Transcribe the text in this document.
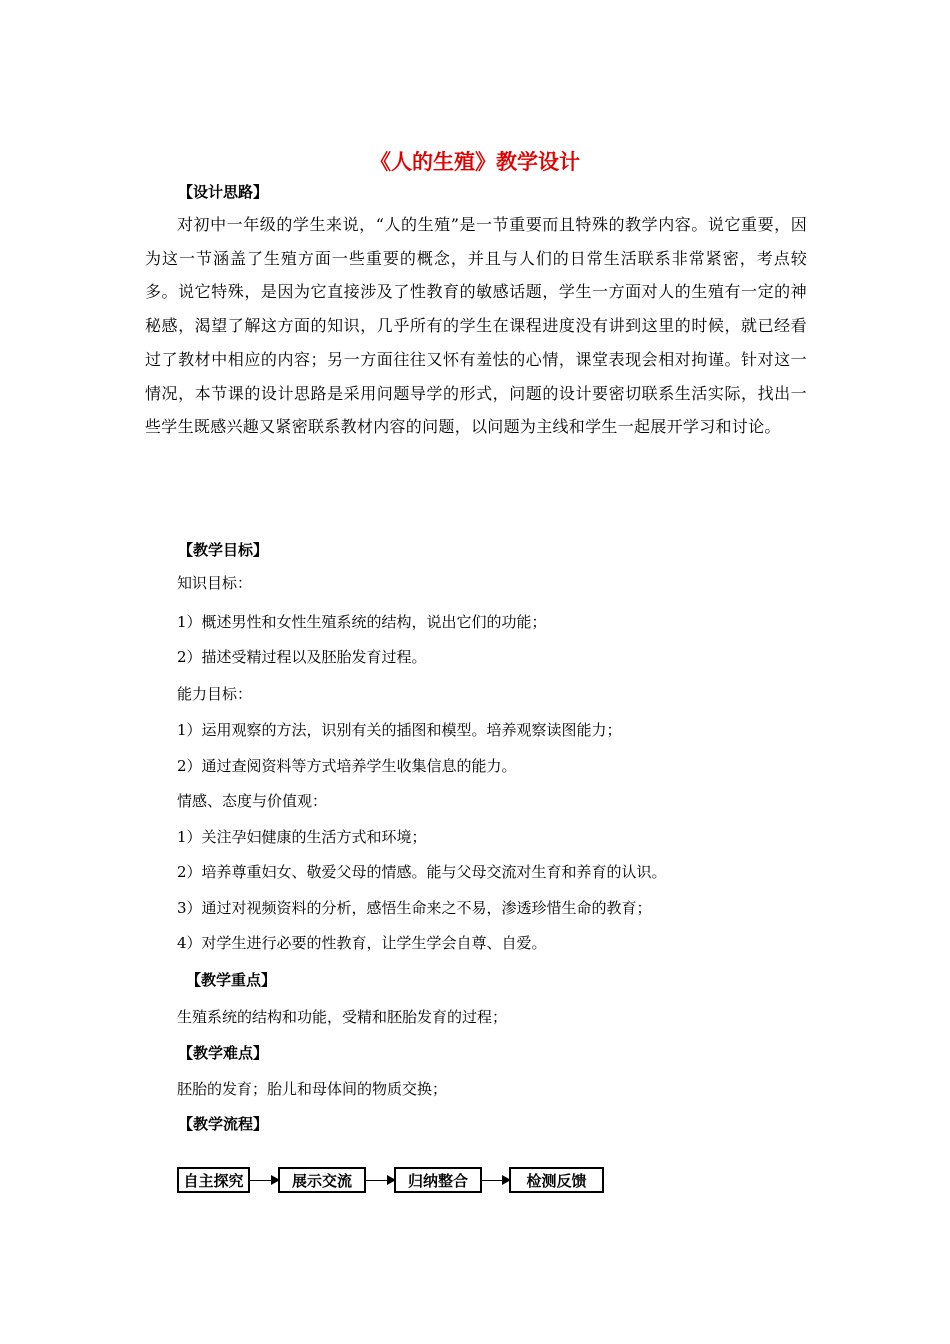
《人的生殖》教学设计
【设计思路】
对初中一年级的学生来说，“人的生殖”是一节重要而且特殊的教学内容。说它重要，因为这一节涵盖了生殖方面一些重要的概念，并且与人们的日常生活联系非常紧密，考点较多。说它特殊，是因为它直接涉及了性教育的敏感话题，学生一方面对人的生殖有一定的神秘感，渴望了解这方面的知识，几乎所有的学生在课程进度没有讲到这里的时候，就已经看过了教材中相应的内容；另一方面往往又怀有羞怯的心情，课堂表现会相对拘谨。针对这一情况，本节课的设计思路是采用问题导学的形式，问题的设计要密切联系生活实际，找出一些学生既感兴趣又紧密联系教材内容的问题，以问题为主线和学生一起展开学习和讨论。
【教学目标】
知识目标：
1）概述男性和女性生殖系统的结构，说出它们的功能；
2）描述受精过程以及胚胎发育过程。
能力目标：
1）运用观察的方法，识别有关的插图和模型。培养观察读图能力；
2）通过查阅资料等方式培养学生收集信息的能力。
情感、态度与价值观：
1）关注孕妇健康的生活方式和环境；
2）培养尊重妇女、敬爱父母的情感。能与父母交流对生育和养育的认识。
3）通过对视频资料的分析，感悟生命来之不易，渗透珍惜生命的教育；
4）对学生进行必要的性教育，让学生学会自尊、自爱。
【教学重点】
生殖系统的结构和功能，受精和胚胎发育的过程；
【教学难点】
胚胎的发育；胎儿和母体间的物质交换；
【教学流程】
自主探究	展示交流	归纳整合	检测反馈
